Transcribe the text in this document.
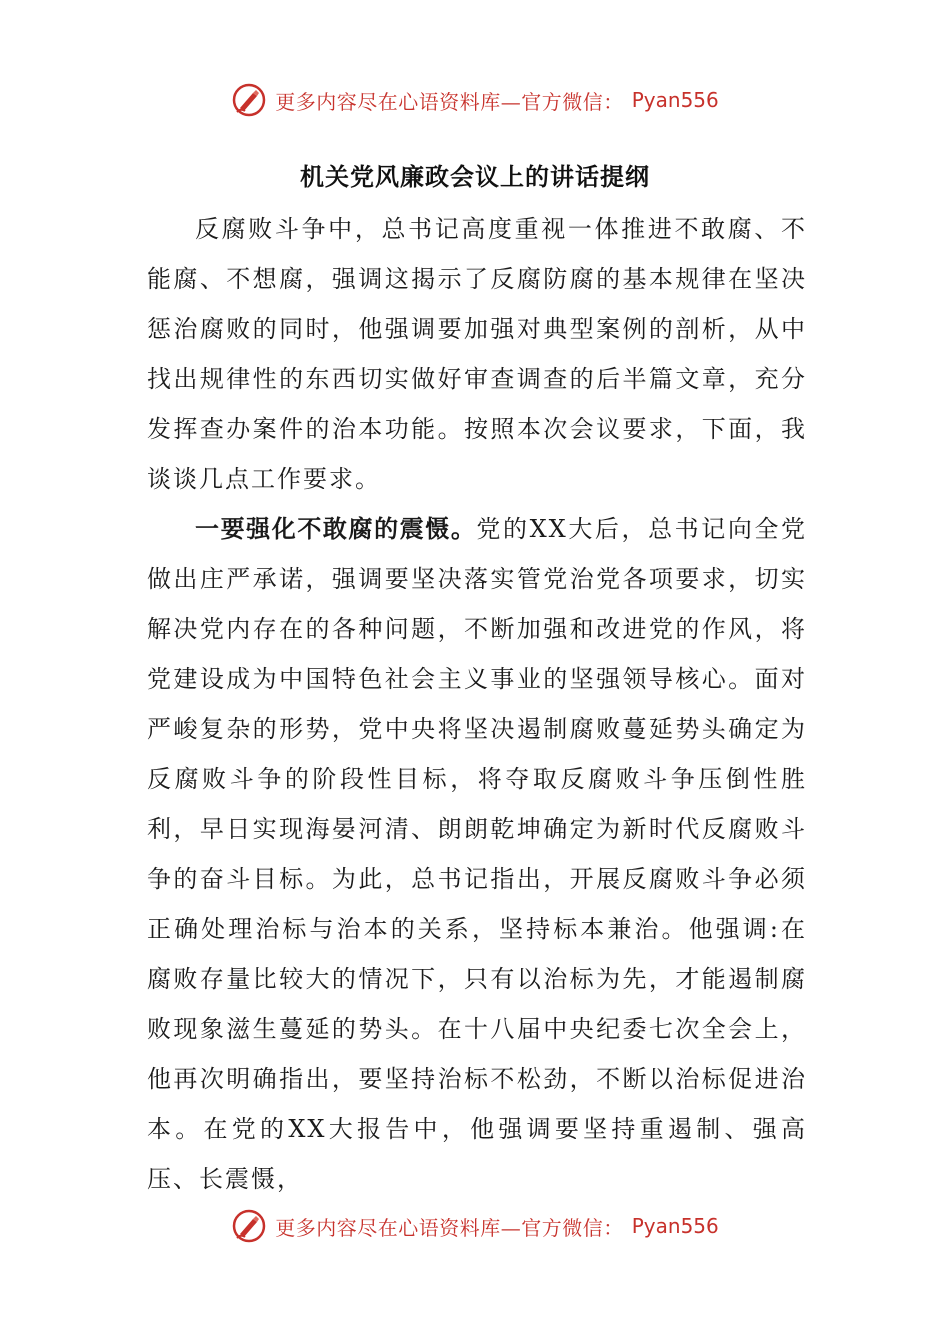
更多内容尽在心语资料库—官方微信： Pyan556
机关党风廉政会议上的讲话提纲

反腐败斗争中，总书记高度重视一体推进不敢腐、不能腐、不想腐，强调这揭示了反腐防腐的基本规律在坚决惩治腐败的同时，他强调要加强对典型案例的剖析，从中找出规律性的东西切实做好审查调查的后半篇文章，充分发挥查办案件的治本功能。按照本次会议要求，下面，我谈谈几点工作要求。

一要强化不敢腐的震慑。党的XX大后，总书记向全党做出庄严承诺，强调要坚决落实管党治党各项要求，切实解决党内存在的各种问题，不断加强和改进党的作风，将党建设成为中国特色社会主义事业的坚强领导核心。面对严峻复杂的形势，党中央将坚决遏制腐败蔓延势头确定为反腐败斗争的阶段性目标，将夺取反腐败斗争压倒性胜利，早日实现海晏河清、朗朗乾坤确定为新时代反腐败斗争的奋斗目标。为此，总书记指出，开展反腐败斗争必须正确处理治标与治本的关系，坚持标本兼治。他强调:在腐败存量比较大的情况下，只有以治标为先，才能遏制腐败现象滋生蔓延的势头。在十八届中央纪委七次全会上，他再次明确指出，要坚持治标不松劲，不断以治标促进治本。在党的XX大报告中，他强调要坚持重遏制、强高压、长震慑，

更多内容尽在心语资料库—官方微信： Pyan556
